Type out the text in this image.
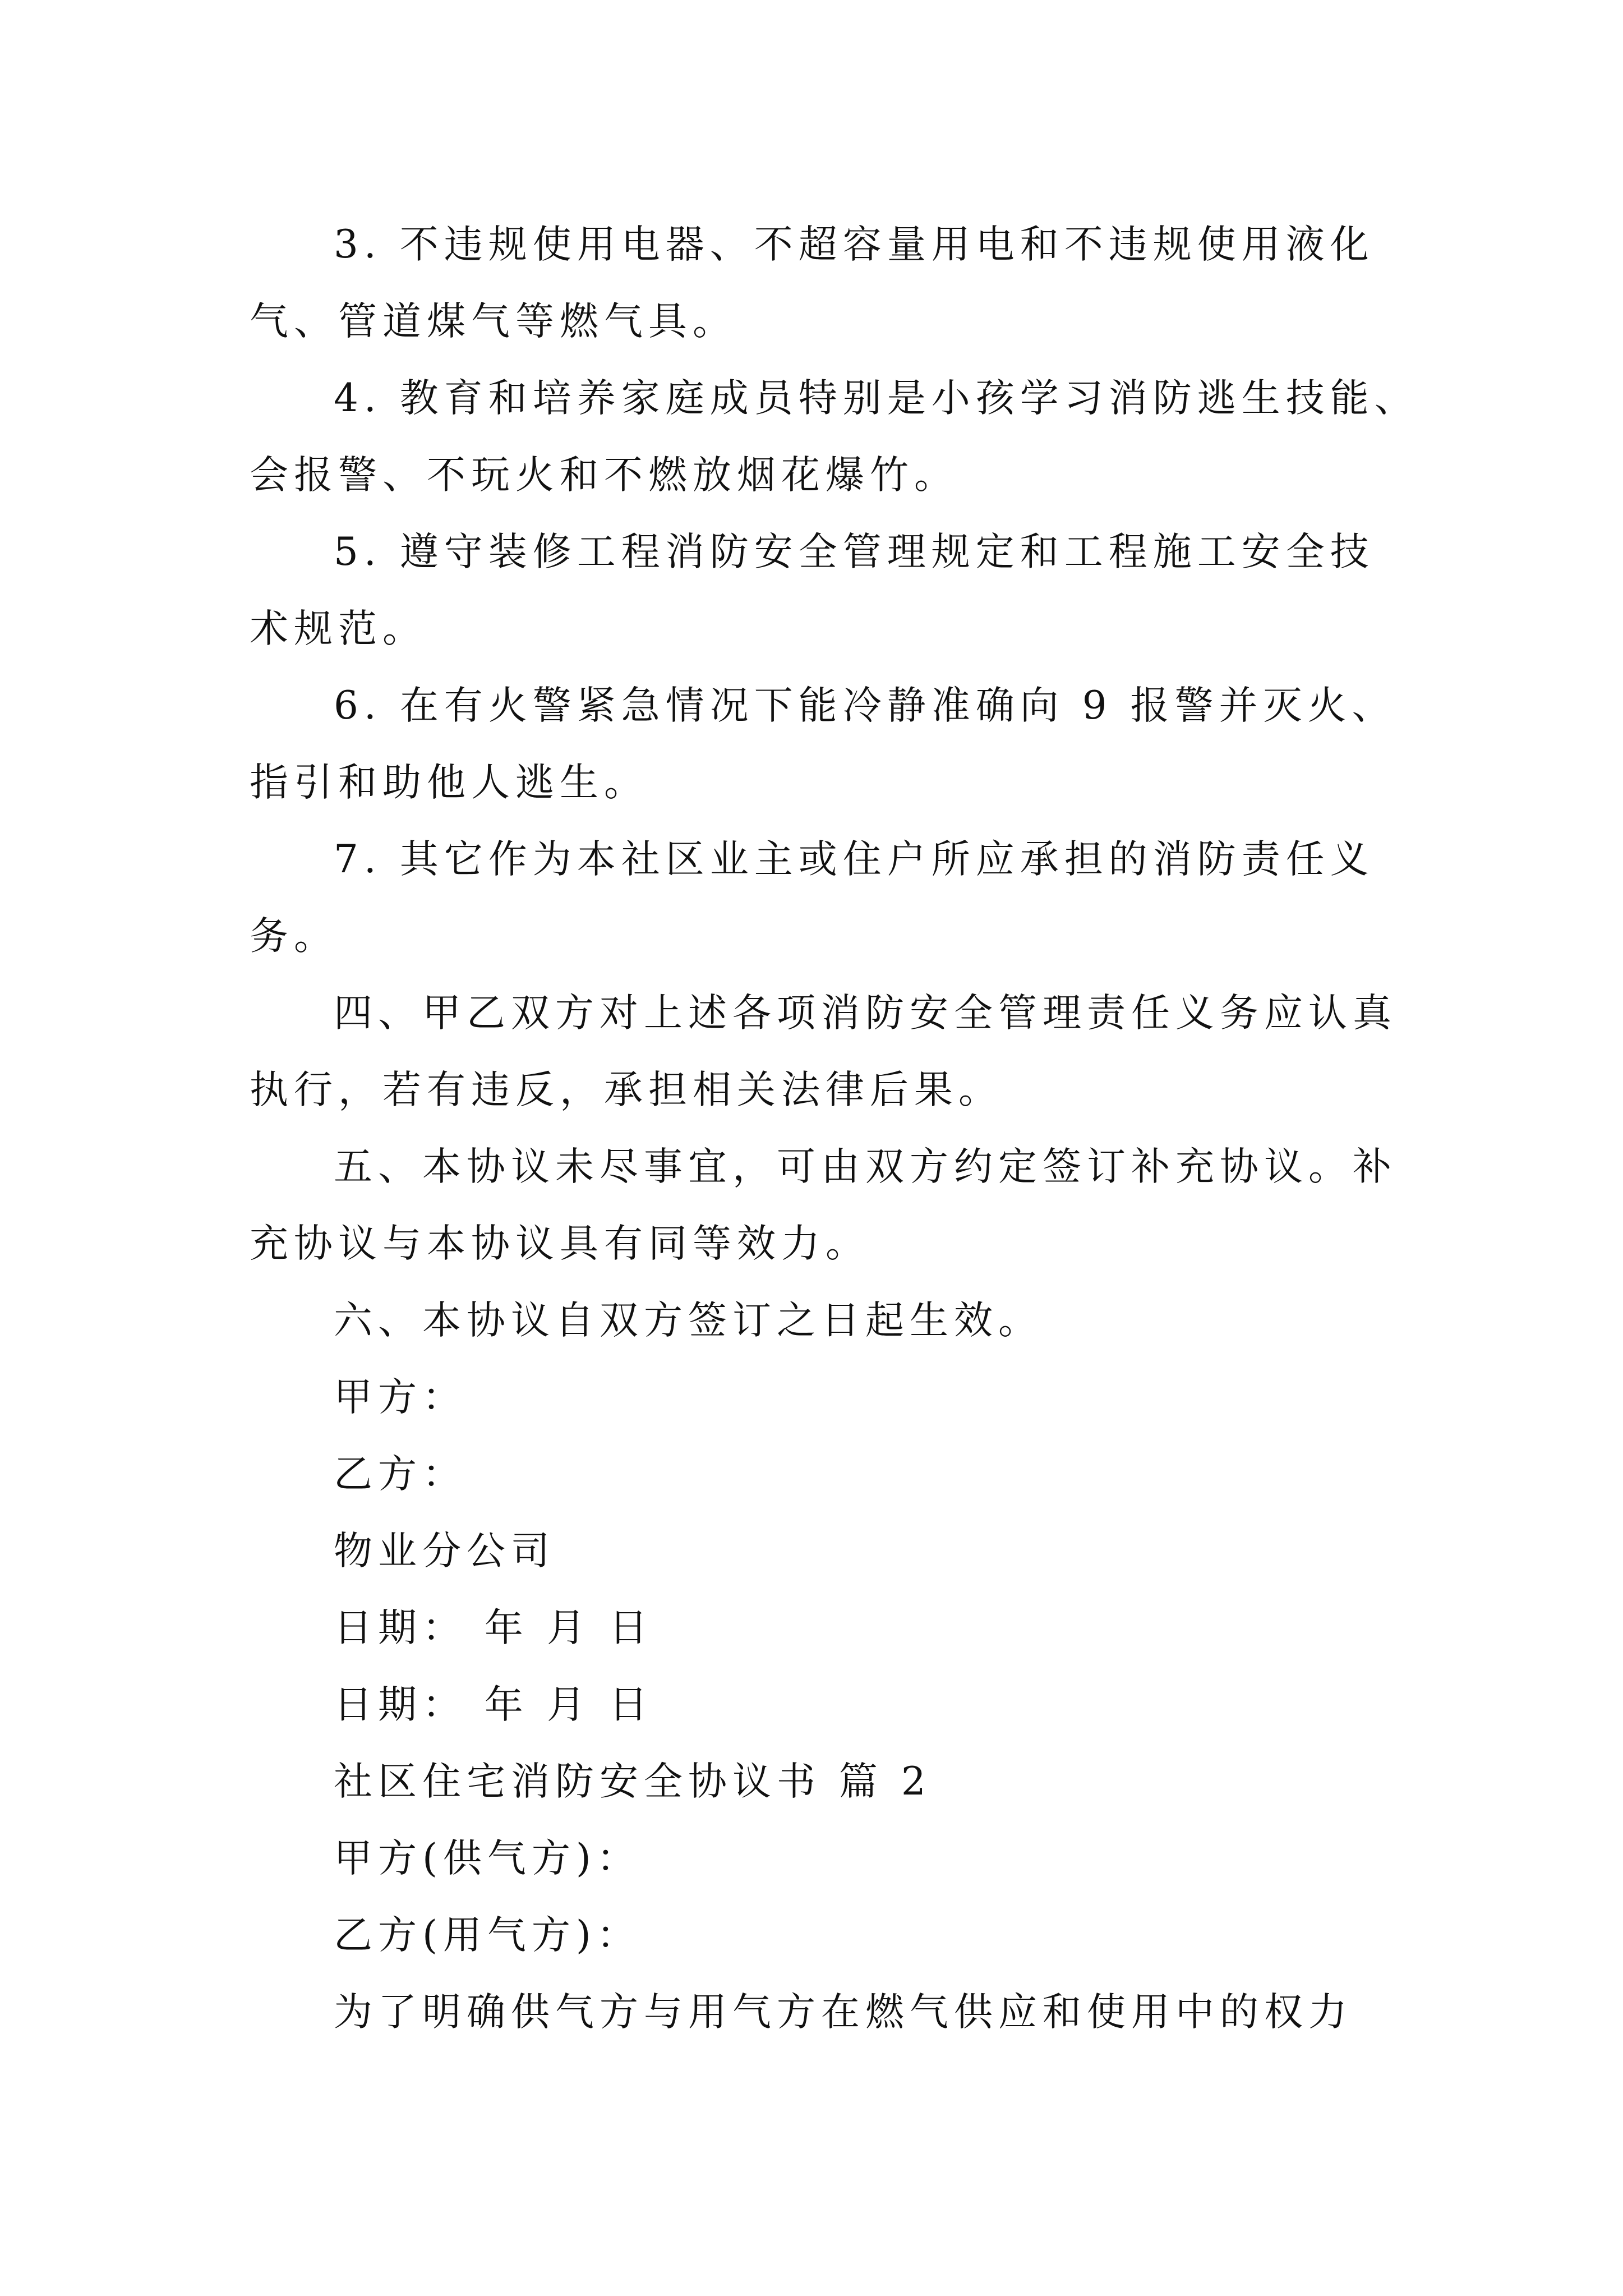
3. 不违规使用电器、不超容量用电和不违规使用液化
气、管道煤气等燃气具。
4. 教育和培养家庭成员特别是小孩学习消防逃生技能、
会报警、不玩火和不燃放烟花爆竹。
5. 遵守装修工程消防安全管理规定和工程施工安全技
术规范。
6. 在有火警紧急情况下能冷静准确向 9 报警并灭火、
指引和助他人逃生。
7. 其它作为本社区业主或住户所应承担的消防责任义
务。
四、甲乙双方对上述各项消防安全管理责任义务应认真
执行，若有违反，承担相关法律后果。
五、本协议未尽事宜，可由双方约定签订补充协议。补
充协议与本协议具有同等效力。
六、本协议自双方签订之日起生效。
甲方：
乙方：
物业分公司
日期： 年 月 日
日期： 年 月 日
社区住宅消防安全协议书 篇 2
甲方(供气方)：
乙方(用气方)：
为了明确供气方与用气方在燃气供应和使用中的权力
